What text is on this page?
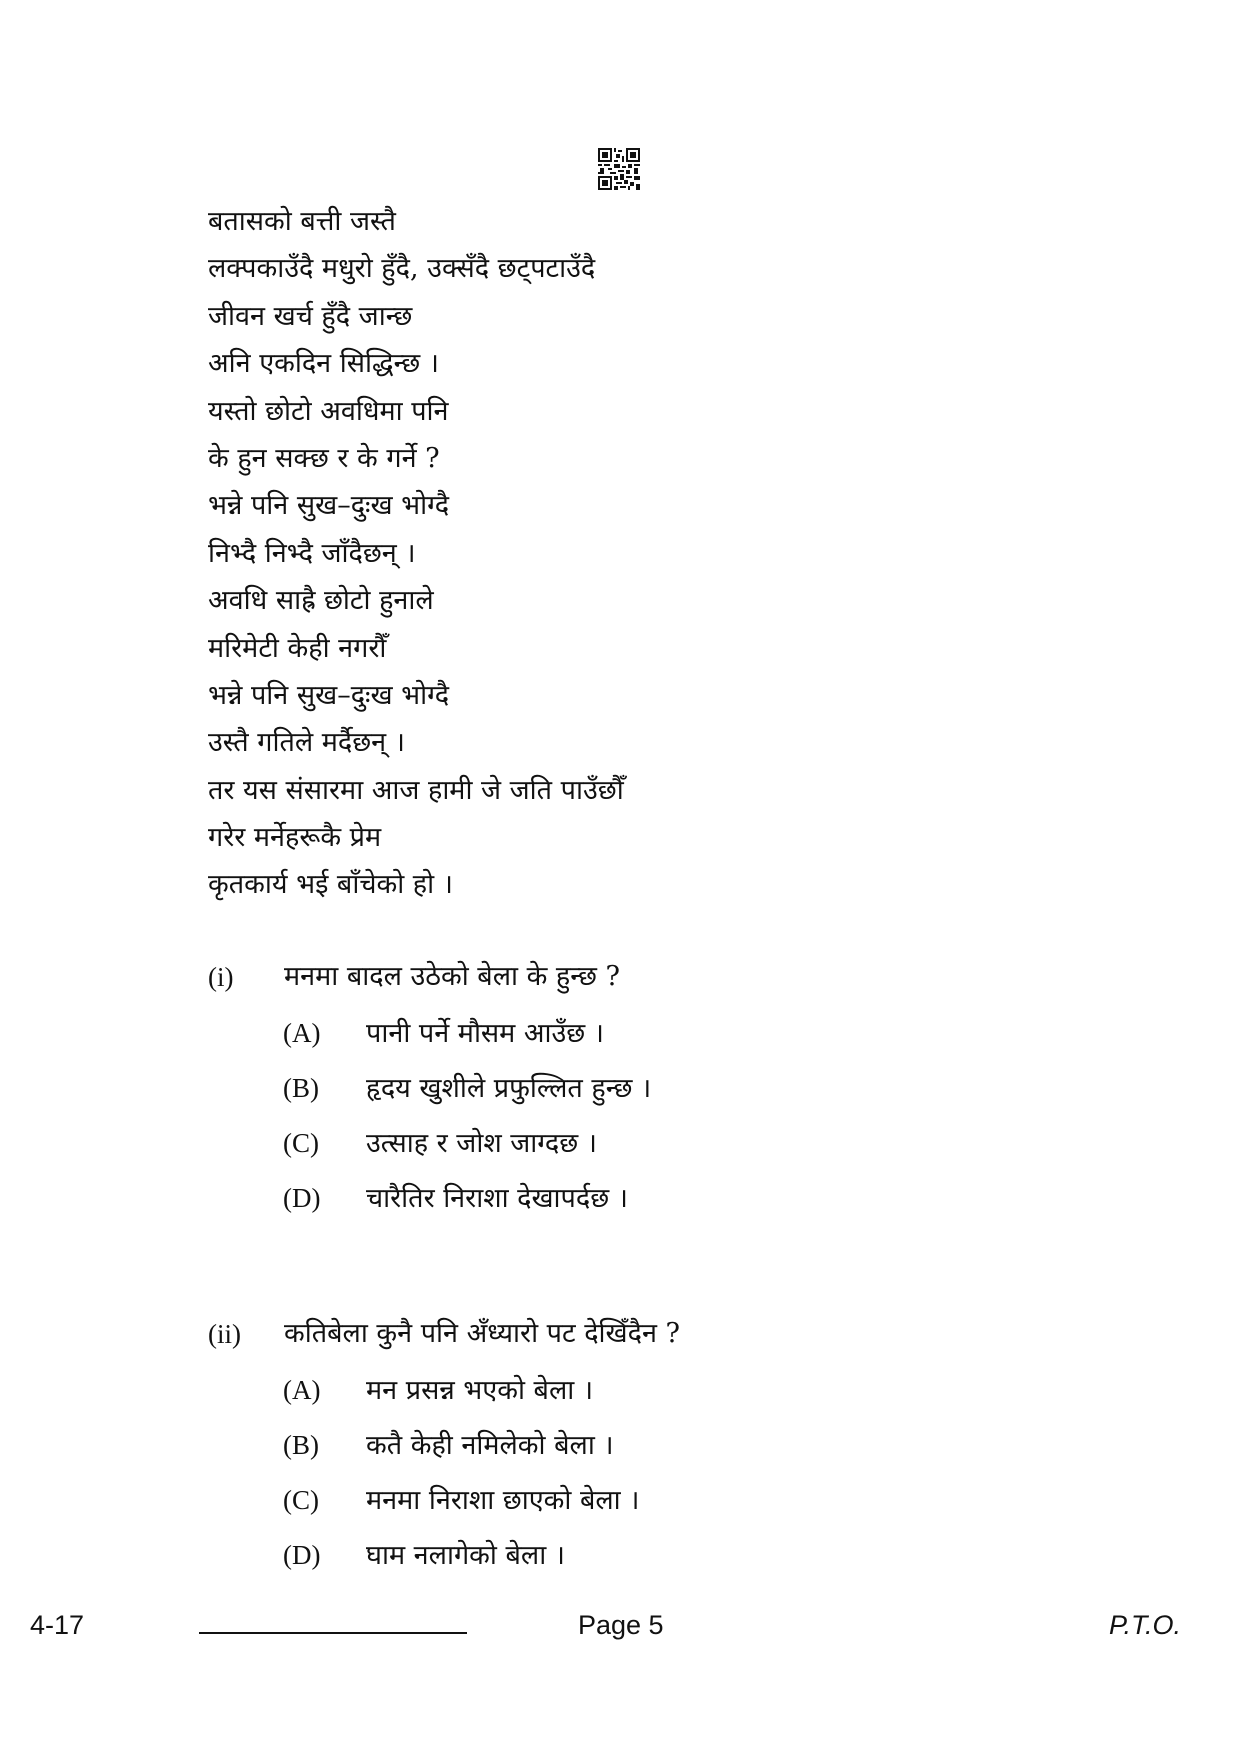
बतासको बत्ती जस्तै
लक्पकाउँदै मधुरो हुँदै, उक्सँदै छट्पटाउँदै
जीवन खर्च हुँदै जान्छ
अनि एकदिन सिद्धिन्छ ।
यस्तो छोटो अवधिमा पनि
के हुन सक्छ र के गर्ने ?
भन्ने पनि सुख–दुःख भोग्दै
निभ्दै निभ्दै जाँदैछन् ।
अवधि साह्रै छोटो हुनाले
मरिमेटी केही नगरौँ
भन्ने पनि सुख–दुःख भोग्दै
उस्तै गतिले मर्दैछन् ।
तर यस संसारमा आज हामी जे जति पाउँछौँ
गरेर मर्नेहरूकै प्रेम
कृतकार्य भई बाँचेको हो ।
(i)	मनमा बादल उठेको बेला के हुन्छ ?
(A)	पानी पर्ने मौसम आउँछ ।
(B)	हृदय खुशीले प्रफुल्लित हुन्छ ।
(C)	उत्साह र जोश जाग्दछ ।
(D)	चारैतिर निराशा देखापर्दछ ।
(ii)	कतिबेला कुनै पनि अँध्यारो पट देखिँदैन ?
(A)	मन प्रसन्न भएको बेला ।
(B)	कतै केही नमिलेको बेला ।
(C)	मनमा निराशा छाएको बेला ।
(D)	घाम नलागेको बेला ।
4-17	Page 5	P.T.O.
